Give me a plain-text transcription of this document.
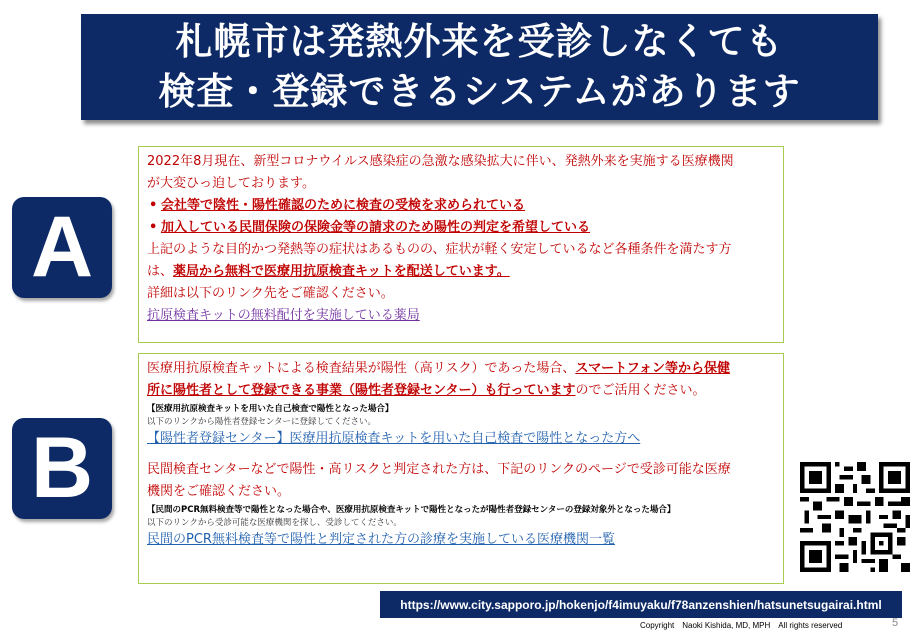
札幌市は発熱外来を受診しなくても
検査・登録できるシステムがあります
A
B
2022年8月現在、新型コロナウイルス感染症の急激な感染拡大に伴い、発熱外来を実施する医療機関
が大変ひっ迫しております。
• 会社等で陰性・陽性確認のために検査の受検を求められている
• 加入している民間保険の保険金等の請求のため陽性の判定を希望している
上記のような目的かつ発熱等の症状はあるものの、症状が軽く安定しているなど各種条件を満たす方
は、薬局から無料で医療用抗原検査キットを配送しています。
詳細は以下のリンク先をご確認ください。
抗原検査キットの無料配付を実施している薬局
医療用抗原検査キットによる検査結果が陽性（高リスク）であった場合、スマートフォン等から保健
所に陽性者として登録できる事業（陽性者登録センター）も行っていますのでご活用ください。
【医療用抗原検査キットを用いた自己検査で陽性となった場合】
以下のリンクから陽性者登録センターに登録してください。
【陽性者登録センター】医療用抗原検査キットを用いた自己検査で陽性となった方へ
民間検査センターなどで陽性・高リスクと判定された方は、下記のリンクのページで受診可能な医療
機関をご確認ください。
【民間のPCR無料検査等で陽性となった場合や、医療用抗原検査キットで陽性となったが陽性者登録センターの登録対象外となった場合】
以下のリンクから受診可能な医療機関を探し、受診してください。
民間のPCR無料検査等で陽性と判定された方の診療を実施している医療機関一覧
https://www.city.sapporo.jp/hokenjo/f4imuyaku/f78anzenshien/hatsunetsugairai.html
Copyright　Naoki Kishida, MD, MPH　All rights reserved	5
